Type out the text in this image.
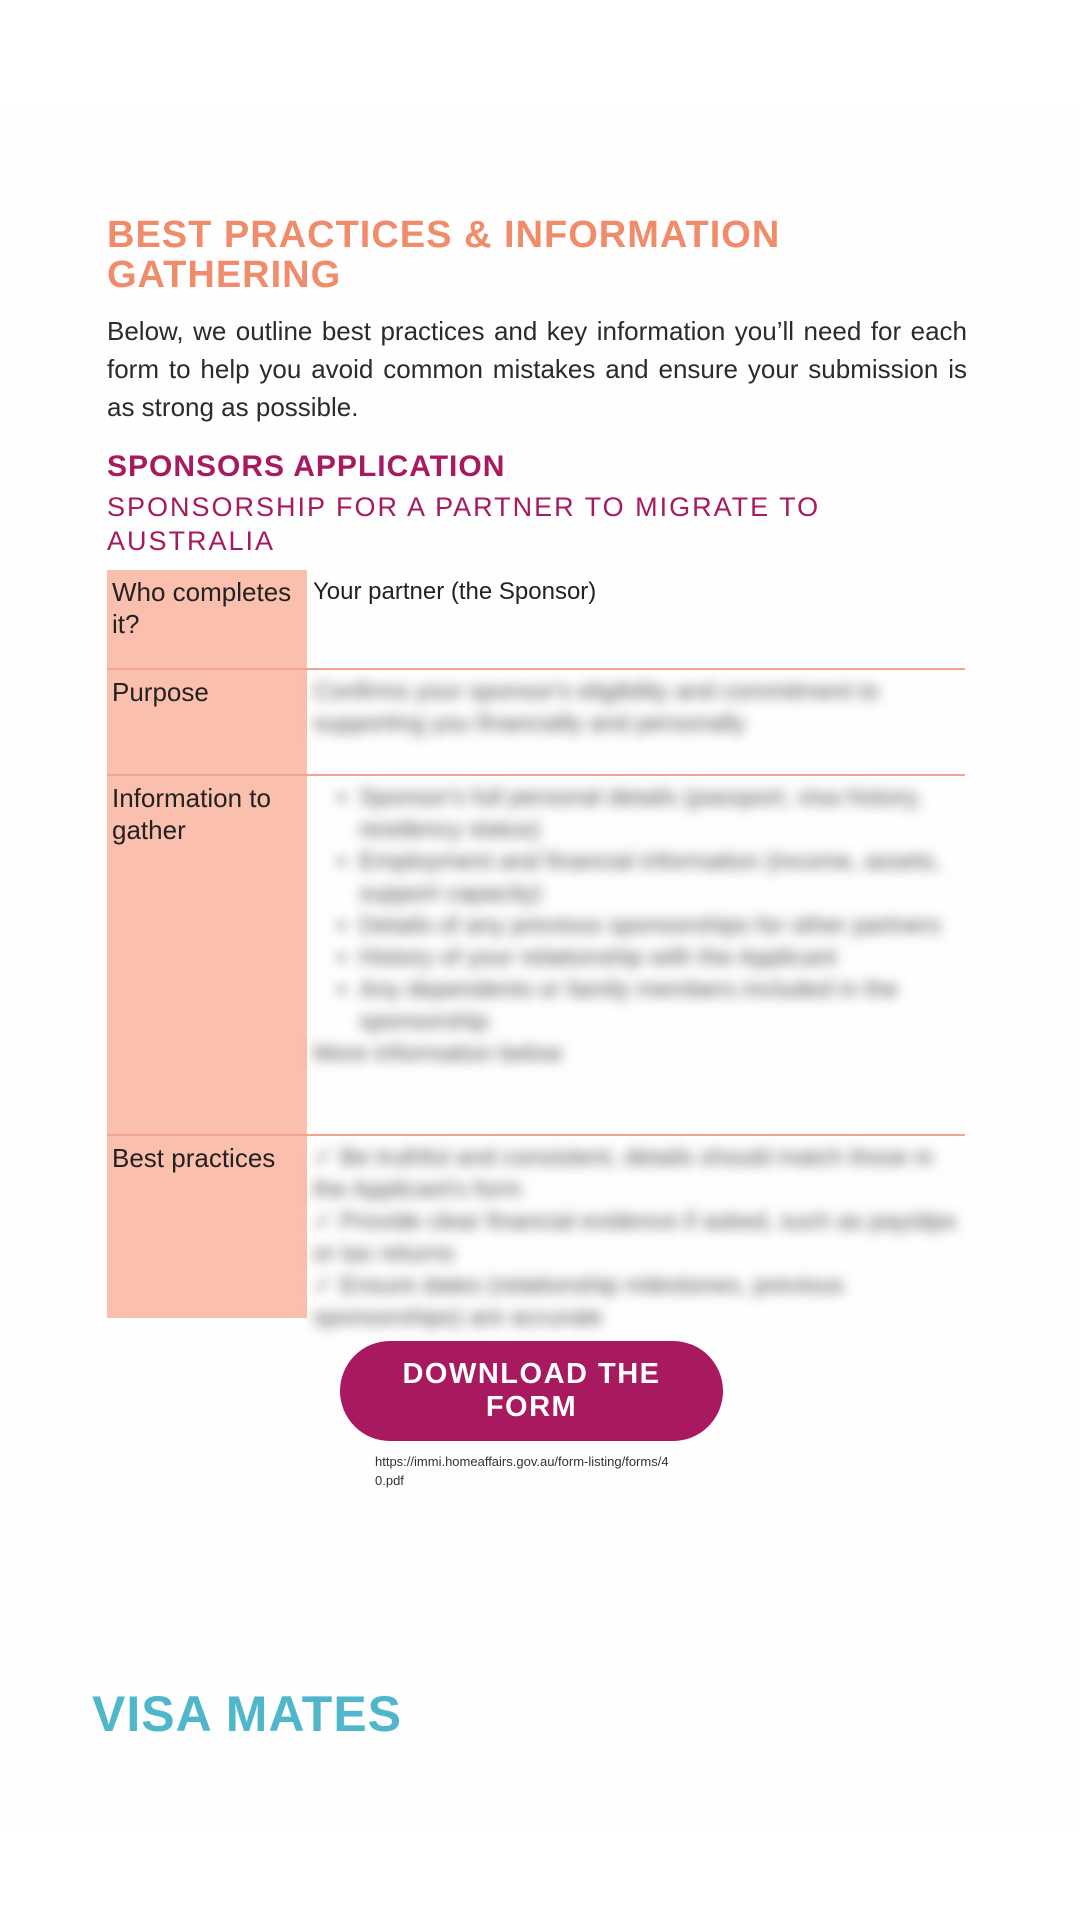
BEST PRACTICES & INFORMATION GATHERING

Below, we outline best practices and key information you’ll need for each form to help you avoid common mistakes and ensure your submission is as strong as possible.

SPONSORS APPLICATION

SPONSORSHIP FOR A PARTNER TO MIGRATE TO AUSTRALIA

Who completes it?
Your partner (the Sponsor)
Purpose	Confirms your sponsor's eligibility and commitment to supporting you financially and personally
Information to gather
• Sponsor's full personal details (passport, visa history, residency status)
• Employment and financial information (income, assets, support capacity)
• Details of any previous sponsorships for other partners
• History of your relationship with the Applicant
• Any dependents or family members included in the sponsorship

More information below

Best practices	✓ Be truthful and consistent, details should match those in the Applicant's form

✓ Provide clear financial evidence if asked, such as payslips or tax returns

✓ Ensure dates (relationship milestones, previous sponsorships) are accurate

DOWNLOAD THE FORM
https://immi.homeaffairs.gov.au/form-listing/forms/40.pdf
VISA MATES
